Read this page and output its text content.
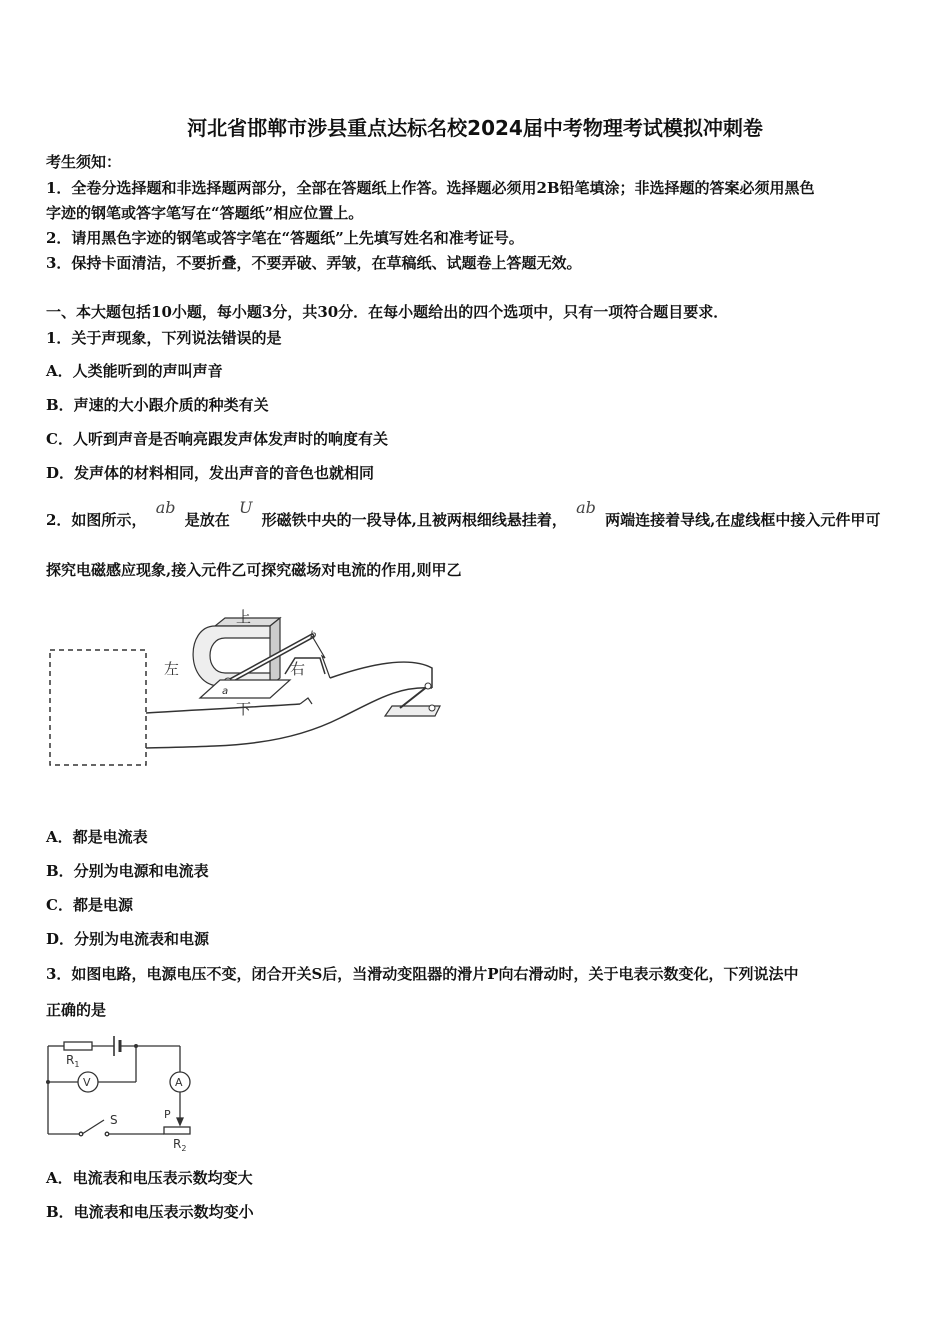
河北省邯郸市涉县重点达标名校2024届中考物理考试模拟冲刺卷
考生须知：
1．全卷分选择题和非选择题两部分，全部在答题纸上作答。选择题必须用2B铅笔填涂；非选择题的答案必须用黑色
字迹的钢笔或答字笔写在“答题纸”相应位置上。
2．请用黑色字迹的钢笔或答字笔在“答题纸”上先填写姓名和准考证号。
3．保持卡面清洁，不要折叠，不要弄破、弄皱，在草稿纸、试题卷上答题无效。
一、本大题包括10小题，每小题3分，共30分．在每小题给出的四个选项中，只有一项符合题目要求．
1．关于声现象，下列说法错误的是
A．人类能听到的声叫声音
B．声速的大小跟介质的种类有关
C．人听到声音是否响亮跟发声体发声时的响度有关
D．发声体的材料相同，发出声音的音色也就相同
2．如图所示， ab 是放在 U 形磁铁中央的一段导体,且被两根细线悬挂着， ab 两端连接着导线,在虚线框中接入元件甲可
探究电磁感应现象,接入元件乙可探究磁场对电流的作用,则甲乙
上
下
左	右
a
b
A．都是电流表
B．分别为电源和电流表
C．都是电源
D．分别为电流表和电源
3．如图电路，电源电压不变，闭合开关S后，当滑动变阻器的滑片P向右滑动时，关于电表示数变化，下列说法中
正确的是
$R_1$
V	A
S	P
$R_2$
A．电流表和电压表示数均变大
B．电流表和电压表示数均变小
